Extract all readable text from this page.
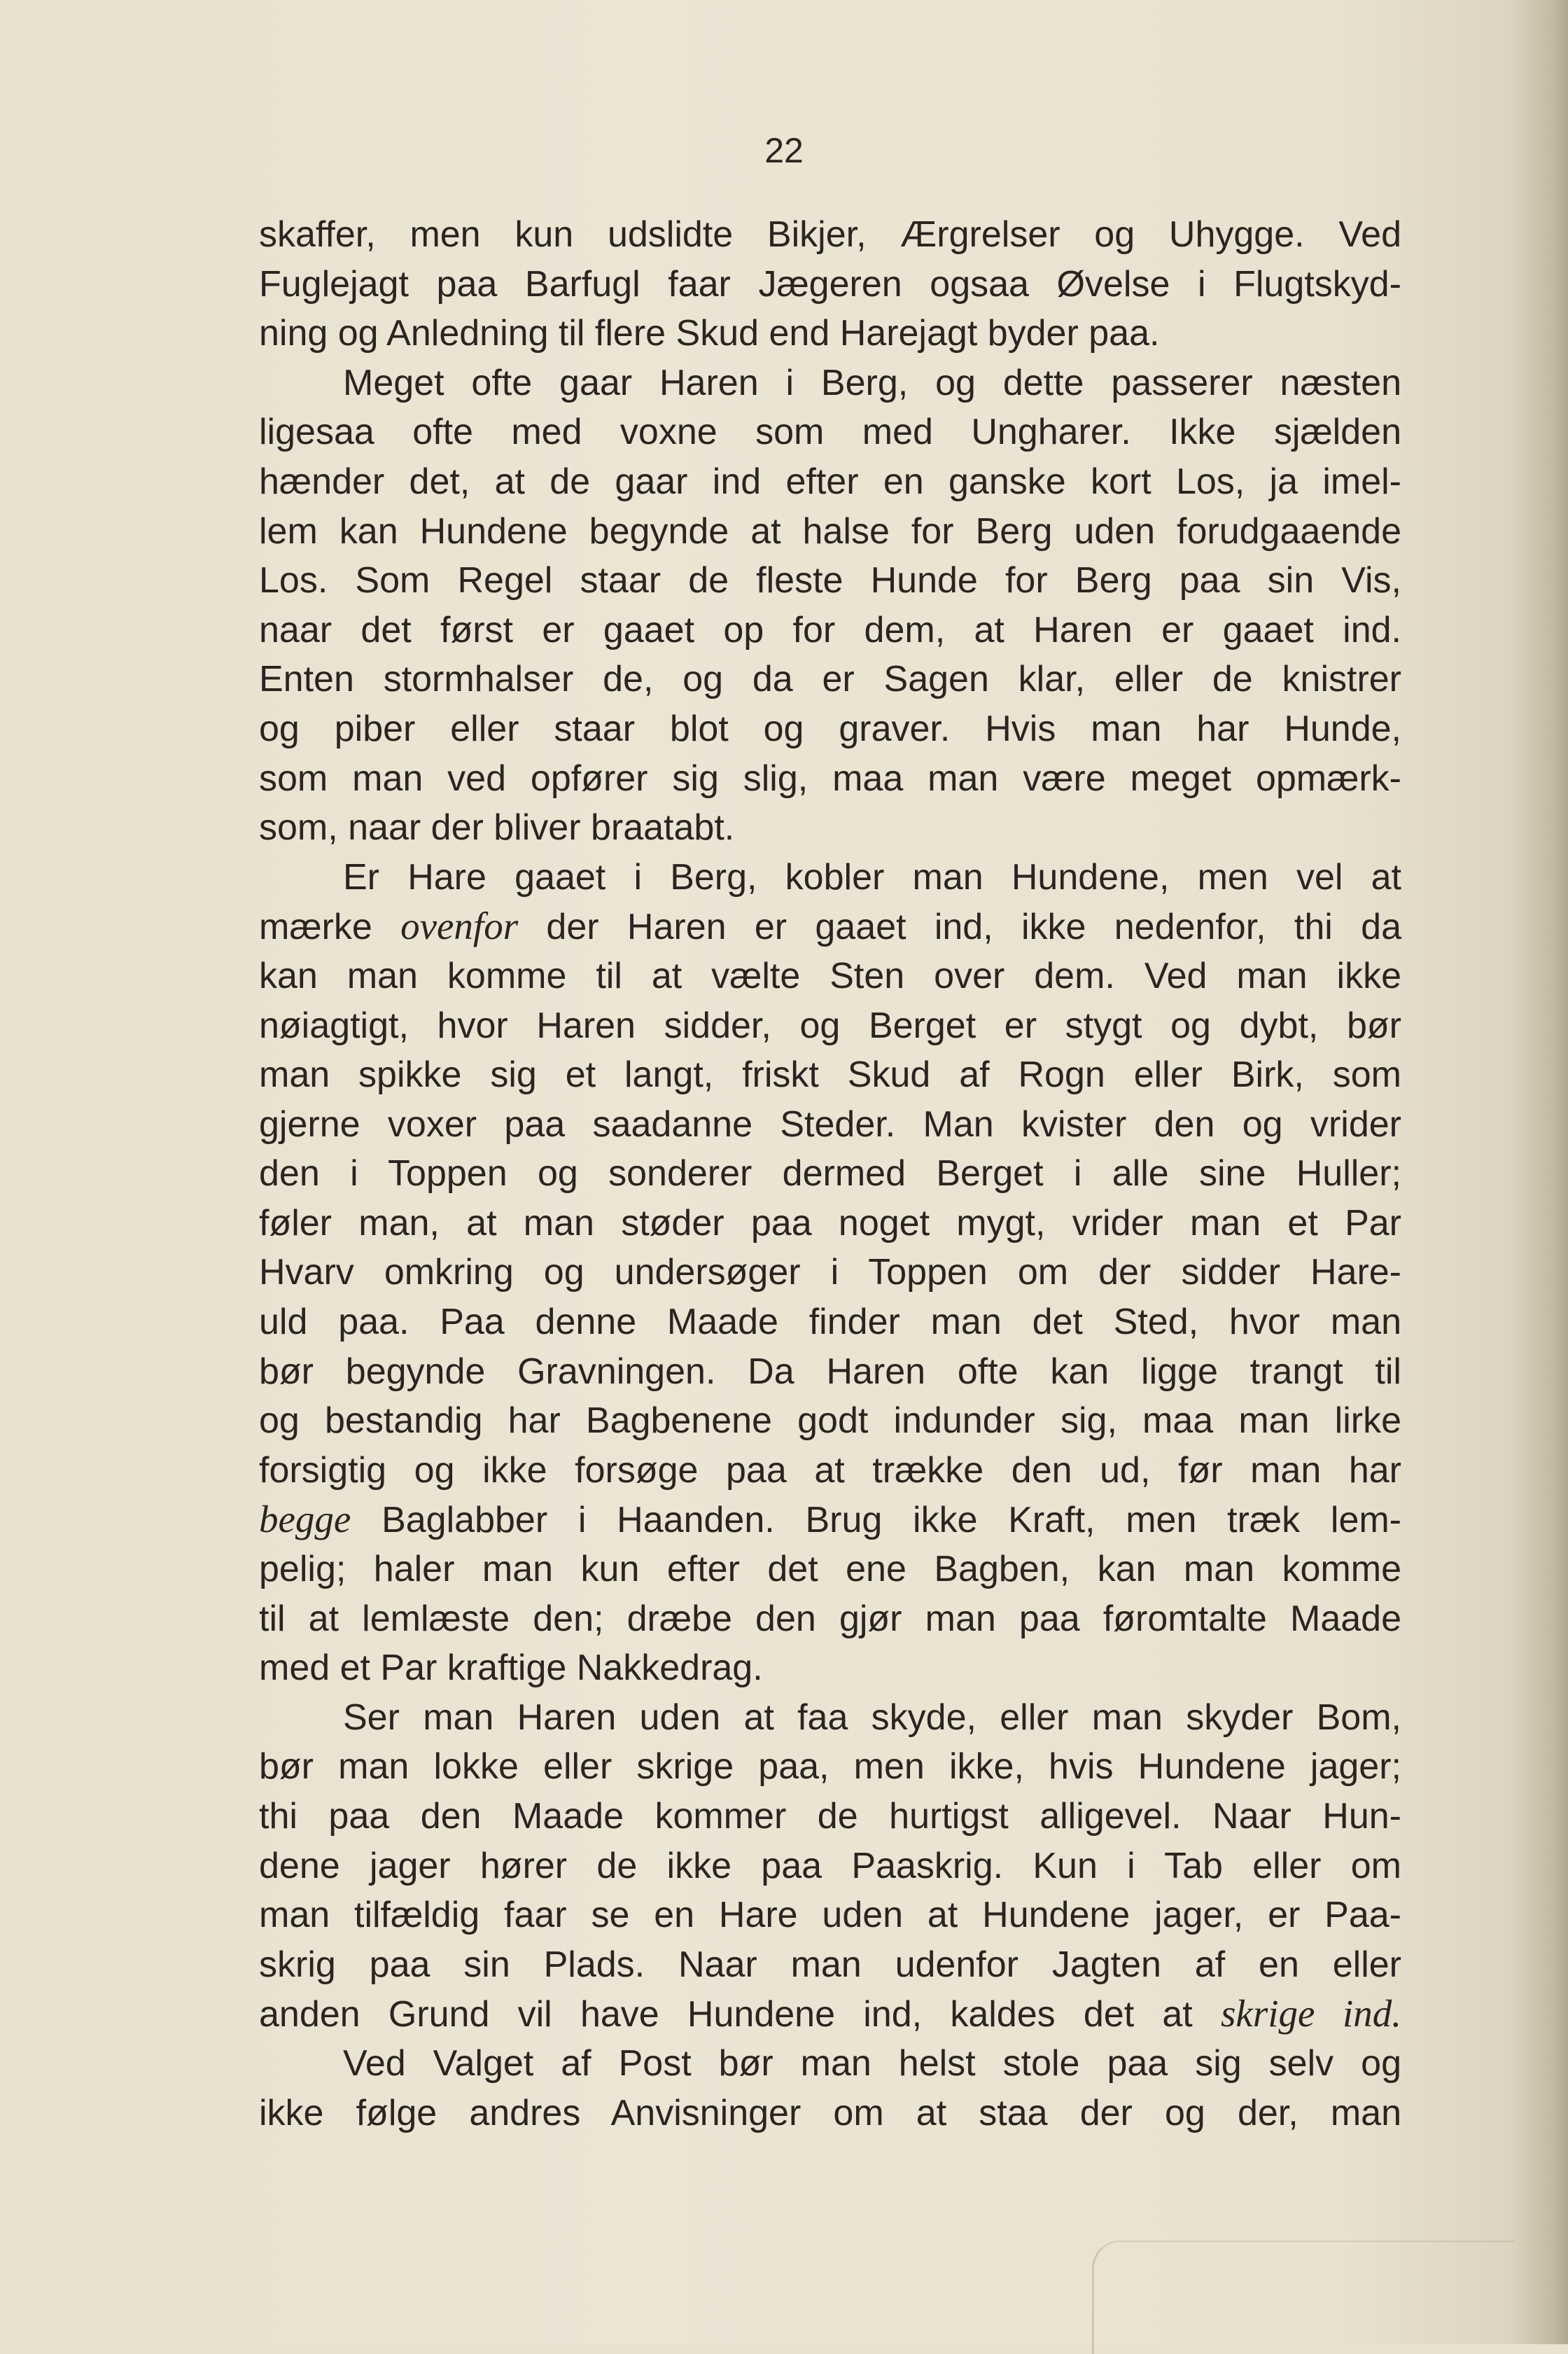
22
skaffer, men kun udslidte Bikjer, Ærgrelser og Uhygge. Ved
Fuglejagt paa Barfugl faar Jægeren ogsaa Øvelse i Flugtskyd-
ning og Anledning til flere Skud end Harejagt byder paa.
Meget ofte gaar Haren i Berg, og dette passerer næsten
ligesaa ofte med voxne som med Ungharer. Ikke sjælden
hænder det, at de gaar ind efter en ganske kort Los, ja imel-
lem kan Hundene begynde at halse for Berg uden forudgaaende
Los. Som Regel staar de fleste Hunde for Berg paa sin Vis,
naar det først er gaaet op for dem, at Haren er gaaet ind.
Enten stormhalser de, og da er Sagen klar, eller de knistrer
og piber eller staar blot og graver. Hvis man har Hunde,
som man ved opfører sig slig, maa man være meget opmærk-
som, naar der bliver braatabt.
Er Hare gaaet i Berg, kobler man Hundene, men vel at
mærke ovenfor der Haren er gaaet ind, ikke nedenfor, thi da
kan man komme til at vælte Sten over dem. Ved man ikke
nøiagtigt, hvor Haren sidder, og Berget er stygt og dybt, bør
man spikke sig et langt, friskt Skud af Rogn eller Birk, som
gjerne voxer paa saadanne Steder. Man kvister den og vrider
den i Toppen og sonderer dermed Berget i alle sine Huller;
føler man, at man støder paa noget mygt, vrider man et Par
Hvarv omkring og undersøger i Toppen om der sidder Hare-
uld paa. Paa denne Maade finder man det Sted, hvor man
bør begynde Gravningen. Da Haren ofte kan ligge trangt til
og bestandig har Bagbenene godt indunder sig, maa man lirke
forsigtig og ikke forsøge paa at trække den ud, før man har
begge Baglabber i Haanden. Brug ikke Kraft, men træk lem-
pelig; haler man kun efter det ene Bagben, kan man komme
til at lemlæste den; dræbe den gjør man paa føromtalte Maade
med et Par kraftige Nakkedrag.
Ser man Haren uden at faa skyde, eller man skyder Bom,
bør man lokke eller skrige paa, men ikke, hvis Hundene jager;
thi paa den Maade kommer de hurtigst alligevel. Naar Hun-
dene jager hører de ikke paa Paaskrig. Kun i Tab eller om
man tilfældig faar se en Hare uden at Hundene jager, er Paa-
skrig paa sin Plads. Naar man udenfor Jagten af en eller
anden Grund vil have Hundene ind, kaldes det at skrige ind.
Ved Valget af Post bør man helst stole paa sig selv og
ikke følge andres Anvisninger om at staa der og der, man
